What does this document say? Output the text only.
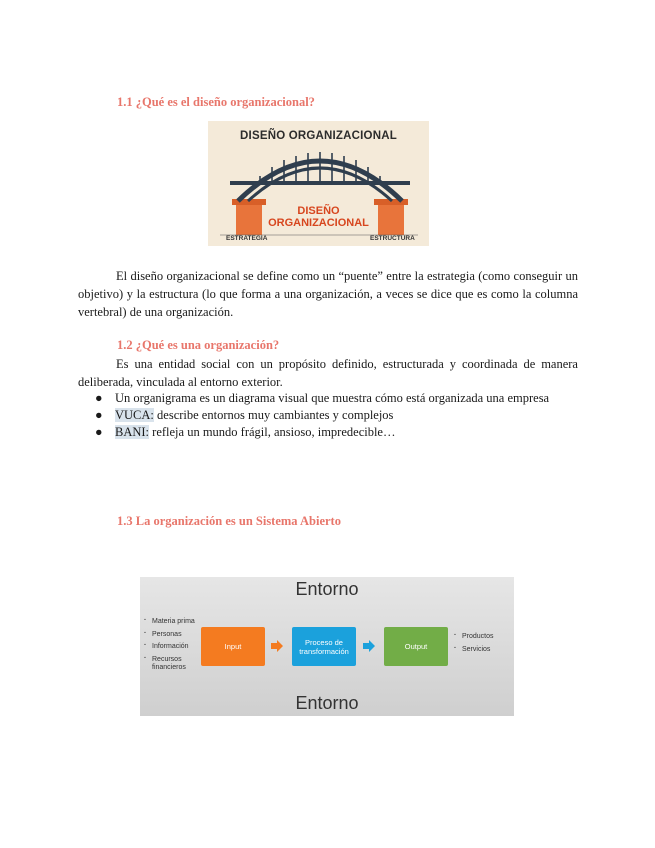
1.1 ¿Qué es el diseño organizacional?
DISEÑO ORGANIZACIONAL
DISEÑO
ORGANIZACIONAL
ESTRATEGIA	ESTRUCTURA
El diseño organizacional se define como un “puente” entre la estrategia (como conseguir un objetivo) y la estructura (lo que forma a una organización, a veces se dice que es como la columna vertebral) de una organización.
1.2 ¿Qué es una organización?
Es una entidad social con un propósito definido, estructurada y coordinada de manera deliberada, vinculada al entorno exterior.
● Un organigrama es un diagrama visual que muestra cómo está organizada una empresa
● VUCA: describe entornos muy cambiantes y complejos
● BANI: refleja un mundo frágil, ansioso, impredecible…
1.3 La organización es un Sistema Abierto
Entorno
· Materia prima
· Personas
· Información
· Recursos financieros
Input	Proceso de transformación	Output
· Productos
· Servicios
Entorno
